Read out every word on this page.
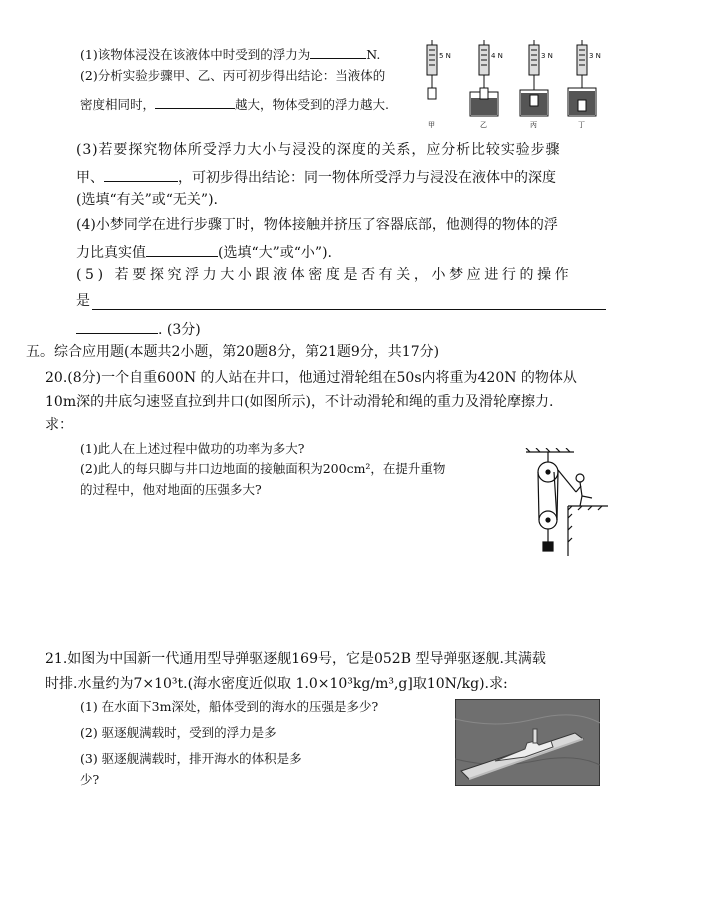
(1)该物体浸没在该液体中时受到的浮力为	N.
(2)分析实验步骤甲、乙、丙可初步得出结论：当液体的
密度相同时，	越大，物体受到的浮力越大.
5 N	4 N	3 N	3 N
甲	乙	丙	丁
(3)若要探究物体所受浮力大小与浸没的深度的关系，应分析比较实验步骤
甲、	，可初步得出结论：同一物体所受浮力与浸没在液体中的深度
(选填“有关”或“无关”).
(4)小梦同学在进行步骤丁时，物体接触并挤压了容器底部，他测得的物体的浮
力比真实值	(选填“大”或“小”).
(5) 若要探究浮力大小跟液体密度是否有关，小梦应进行的操作
是
. (3分)
五。综合应用题(本题共2小题，第20题8分，第21题9分，共17分)
20.(8分)一个自重600N 的人站在井口，他通过滑轮组在50s内将重为420N 的物体从
10m深的井底匀速竖直拉到井口(如图所示)，不计动滑轮和绳的重力及滑轮摩擦力.
求：
(1)此人在上述过程中做功的功率为多大?
(2)此人的每只脚与井口边地面的接触面积为200cm²，在提升重物
的过程中，他对地面的压强多大?
21.如图为中国新一代通用型导弹驱逐舰169号，它是052B 型导弹驱逐舰.其满载
时排.水量约为7×10³t.(海水密度近似取 1.0×10³kg/m³,g]取10N/kg).求:
(1) 在水面下3m深处，船体受到的海水的压强是多少?
(2) 驱逐舰满载时，受到的浮力是多
(3) 驱逐舰满载时，排开海水的体积是多
少?
